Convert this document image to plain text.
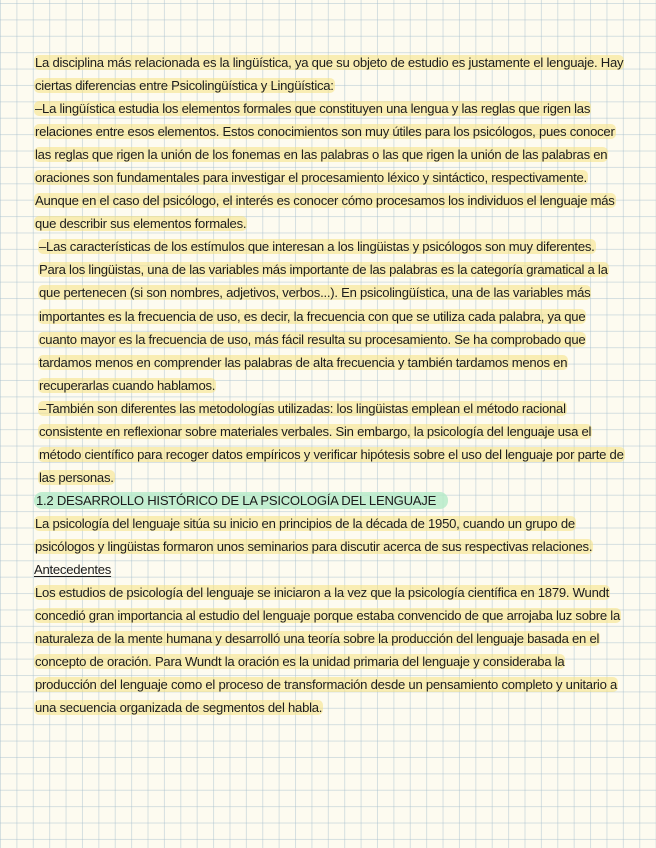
La disciplina más relacionada es la lingüística, ya que su objeto de estudio es justamente el lenguaje. Hay ciertas diferencias entre Psicolingüística y Lingüística:

–La lingüística estudia los elementos formales que constituyen una lengua y las reglas que rigen las relaciones entre esos elementos. Estos conocimientos son muy útiles para los psicólogos, pues conocer las reglas que rigen la unión de los fonemas en las palabras o las que rigen la unión de las palabras en oraciones son fundamentales para investigar el procesamiento léxico y sintáctico, respectivamente. Aunque en el caso del psicólogo, el interés es conocer cómo procesamos los individuos el lenguaje más que describir sus elementos formales.

–Las características de los estímulos que interesan a los lingüistas y psicólogos son muy diferentes. Para los lingüistas, una de las variables más importante de las palabras es la categoría gramatical a la que pertenecen (si son nombres, adjetivos, verbos...). En psicolingüística, una de las variables más importantes es la frecuencia de uso, es decir, la frecuencia con que se utiliza cada palabra, ya que cuanto mayor es la frecuencia de uso, más fácil resulta su procesamiento. Se ha comprobado que tardamos menos en comprender las palabras de alta frecuencia y también tardamos menos en recuperarlas cuando hablamos.

–También son diferentes las metodologías utilizadas: los lingüistas emplean el método racional consistente en reflexionar sobre materiales verbales. Sin embargo, la psicología del lenguaje usa el método científico para recoger datos empíricos y verificar hipótesis sobre el uso del lenguaje por parte de las personas.

1.2 DESARROLLO HISTÓRICO DE LA PSICOLOGÍA DEL LENGUAJE

La psicología del lenguaje sitúa su inicio en principios de la década de 1950, cuando un grupo de psicólogos y lingüistas formaron unos seminarios para discutir acerca de sus respectivas relaciones.

Antecedentes

Los estudios de psicología del lenguaje se iniciaron a la vez que la psicología científica en 1879. Wundt concedió gran importancia al estudio del lenguaje porque estaba convencido de que arrojaba luz sobre la naturaleza de la mente humana y desarrolló una teoría sobre la producción del lenguaje basada en el concepto de oración. Para Wundt la oración es la unidad primaria del lenguaje y consideraba la producción del lenguaje como el proceso de transformación desde un pensamiento completo y unitario a una secuencia organizada de segmentos del habla.
